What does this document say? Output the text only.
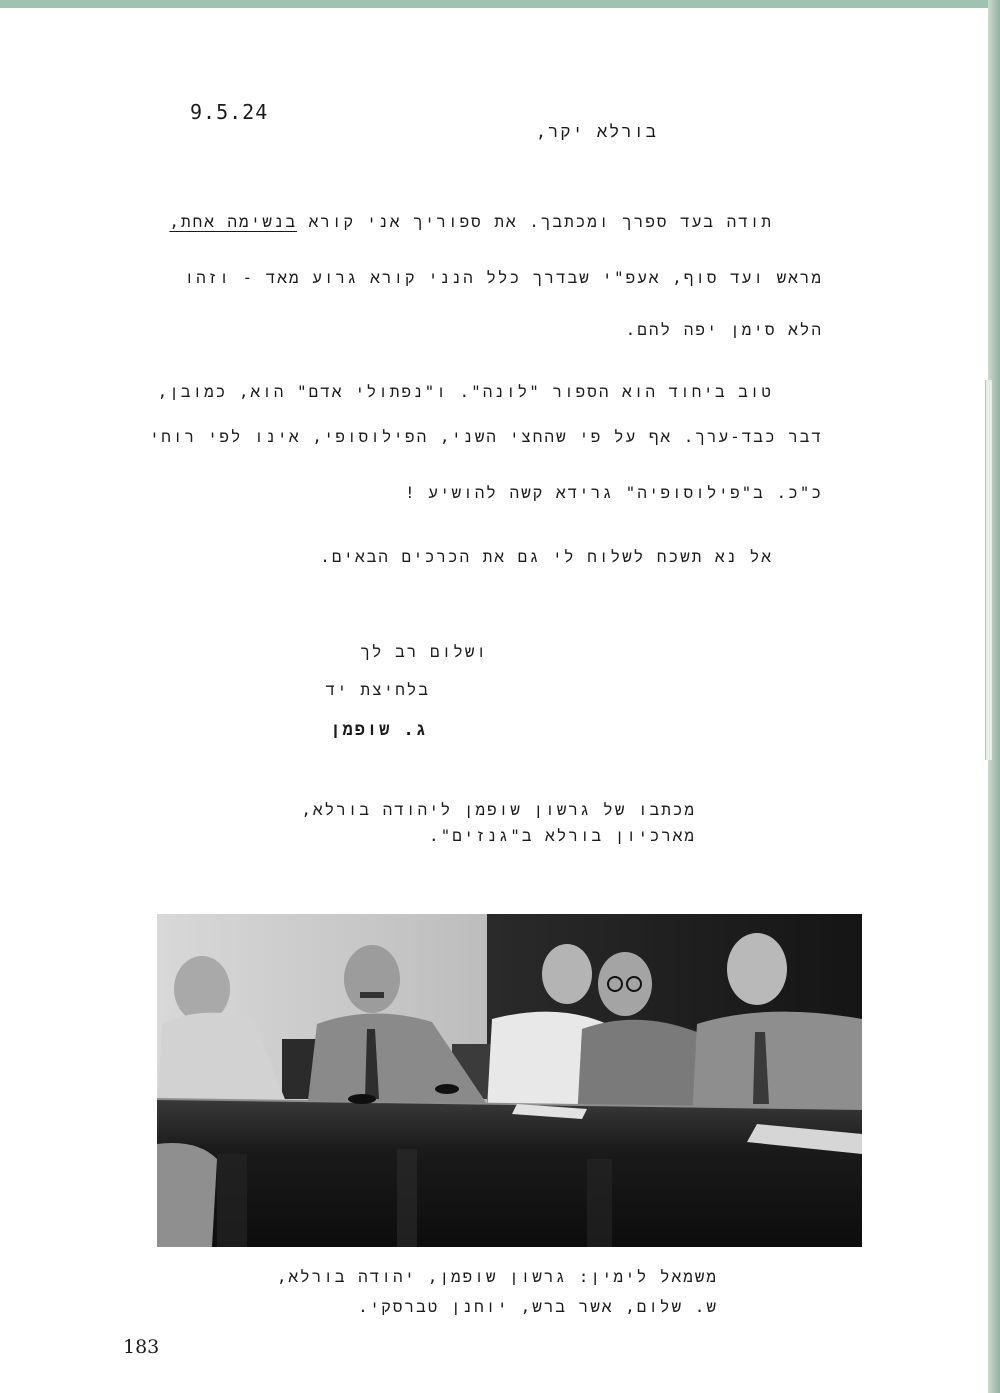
9.5.24
בורלא יקר,
תודה בעד ספרך ומכתבך. את ספוריך אני קורא בנשימה אחת,
מראש ועד סוף, אעפ"י שבדרך כלל הנני קורא גרוע מאד - וזהו
הלא סימן יפה להם.
טוב ביחוד הוא הספור "לונה". ו"נפתולי אדם" הוא, כמובן,
דבר כבד-ערך. אף על פי שהחצי השני, הפילוסופי, אינו לפי רוחי
כ"כ. ב"פילוסופיה" גרידא קשה להושיע !
אל נא תשכח לשלוח לי גם את הכרכים הבאים.
ושלום רב לך
בלחיצת יד
ג. שופמן
מכתבו של גרשון שופמן ליהודה בורלא,
מארכיון בורלא ב"גנזים".
משמאל לימין: גרשון שופמן, יהודה בורלא,
ש. שלום, אשר ברש, יוחנן טברסקי.
183
